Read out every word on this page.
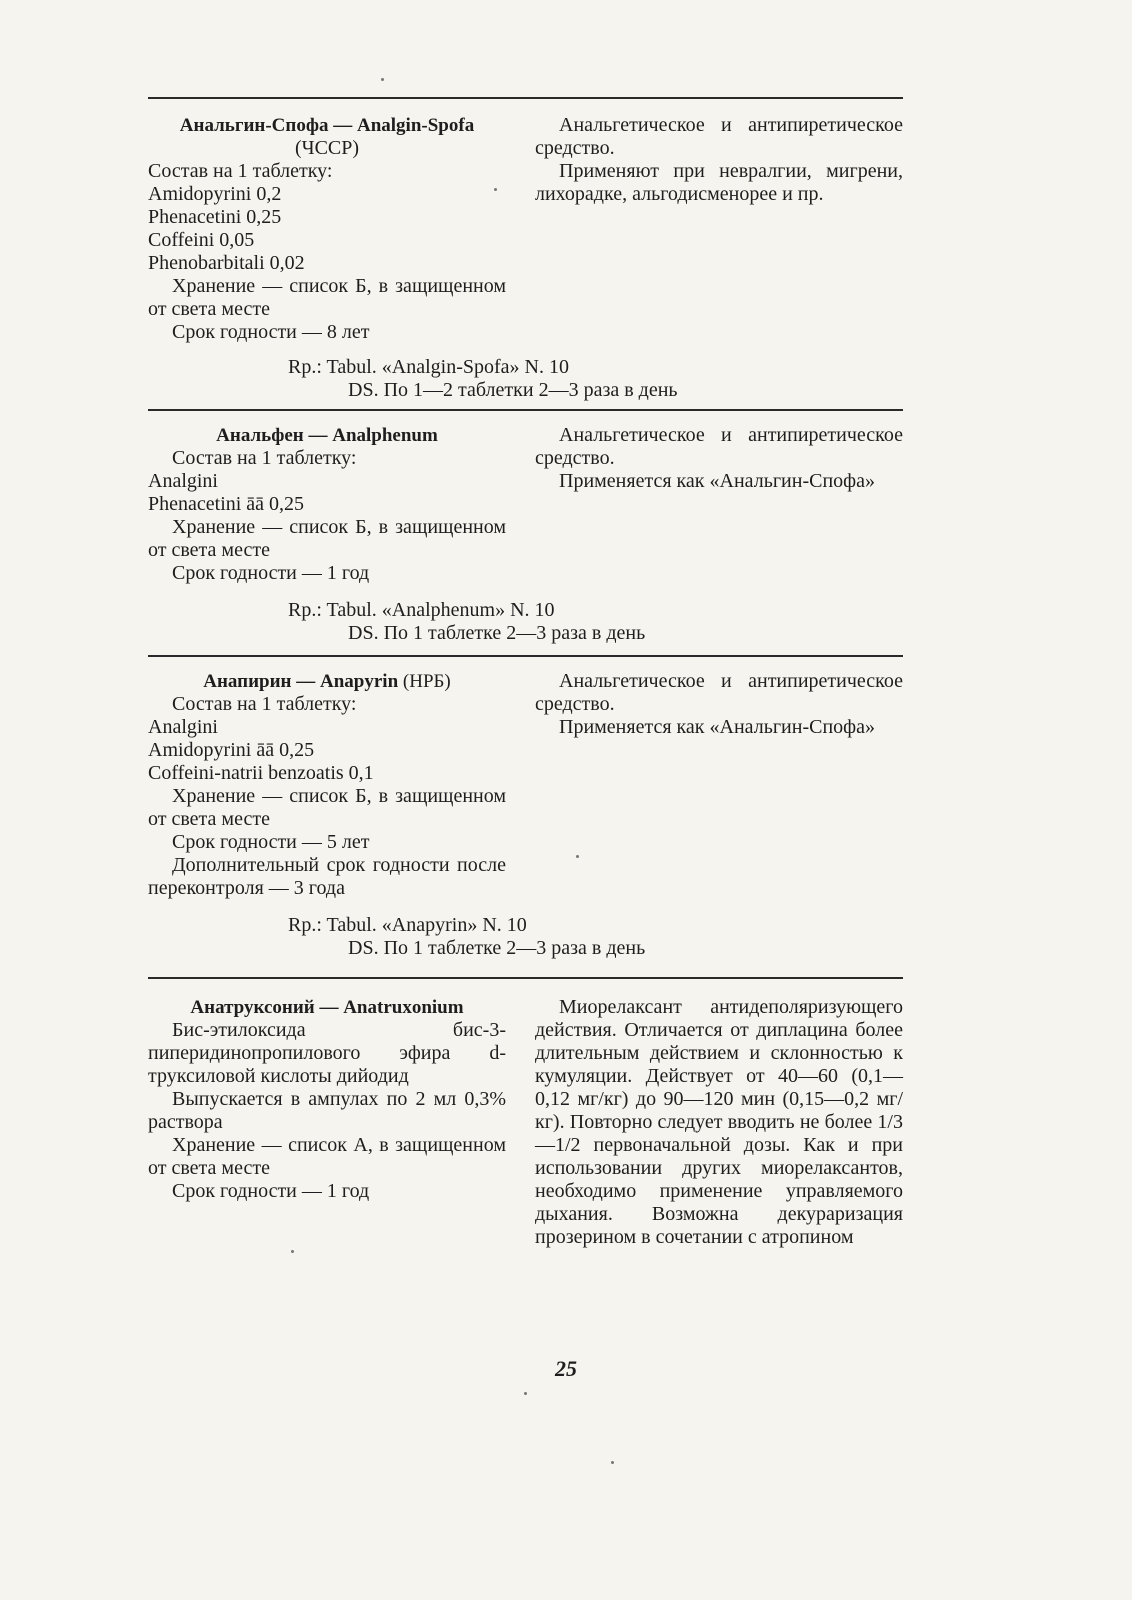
Анальгин-Спофа — Analgin-Spofa
(ЧССР)
Состав на 1 таблетку:
Amidopyrini 0,2
Phenacetini 0,25
Coffeini 0,05
Phenobarbitali 0,02
Хранение — список Б, в защищенном от света месте
Срок годности — 8 лет
Анальгетическое и антипиретическое средство.
Применяют при невралгии, мигрени, лихорадке, альгодисменорее и пр.
Rp.: Tabul. «Analgin-Spofa» N. 10
DS. По 1—2 таблетки 2—3 раза в день
Анальфен — Analphenum
Состав на 1 таблетку:
Analgini
Phenacetini āā 0,25
Хранение — список Б, в защищенном от света месте
Срок годности — 1 год
Анальгетическое и антипиретическое средство.
Применяется как «Анальгин-Спофа»
Rp.: Tabul. «Analphenum» N. 10
DS. По 1 таблетке 2—3 раза в день
Анапирин — Anapyrin (НРБ)
Состав на 1 таблетку:
Analgini
Amidopyrini āā 0,25
Coffeini-natrii benzoatis 0,1
Хранение — список Б, в защищенном от света месте
Срок годности — 5 лет
Дополнительный срок годности после переконтроля — 3 года
Анальгетическое и антипиретическое средство.
Применяется как «Анальгин-Спофа»
Rp.: Tabul. «Anapyrin» N. 10
DS. По 1 таблетке 2—3 раза в день
Анатруксоний — Anatruxonium
Бис-этилоксида бис-3-пиперидинопропилового эфира d-труксиловой кислоты дийодид
Выпускается в ампулах по 2 мл 0,3% раствора
Хранение — список А, в защищенном от света месте
Срок годности — 1 год
Миорелаксант антидеполяризующего действия. Отличается от диплацина более длительным действием и склонностью к кумуляции. Действует от 40—60 (0,1—0,12 мг/кг) до 90—120 мин (0,15—0,2 мг/кг). Повторно следует вводить не более 1/3—1/2 первоначальной дозы. Как и при использовании других миорелаксантов, необходимо применение управляемого дыхания. Возможна декураризация прозерином в сочетании с атропином
25
